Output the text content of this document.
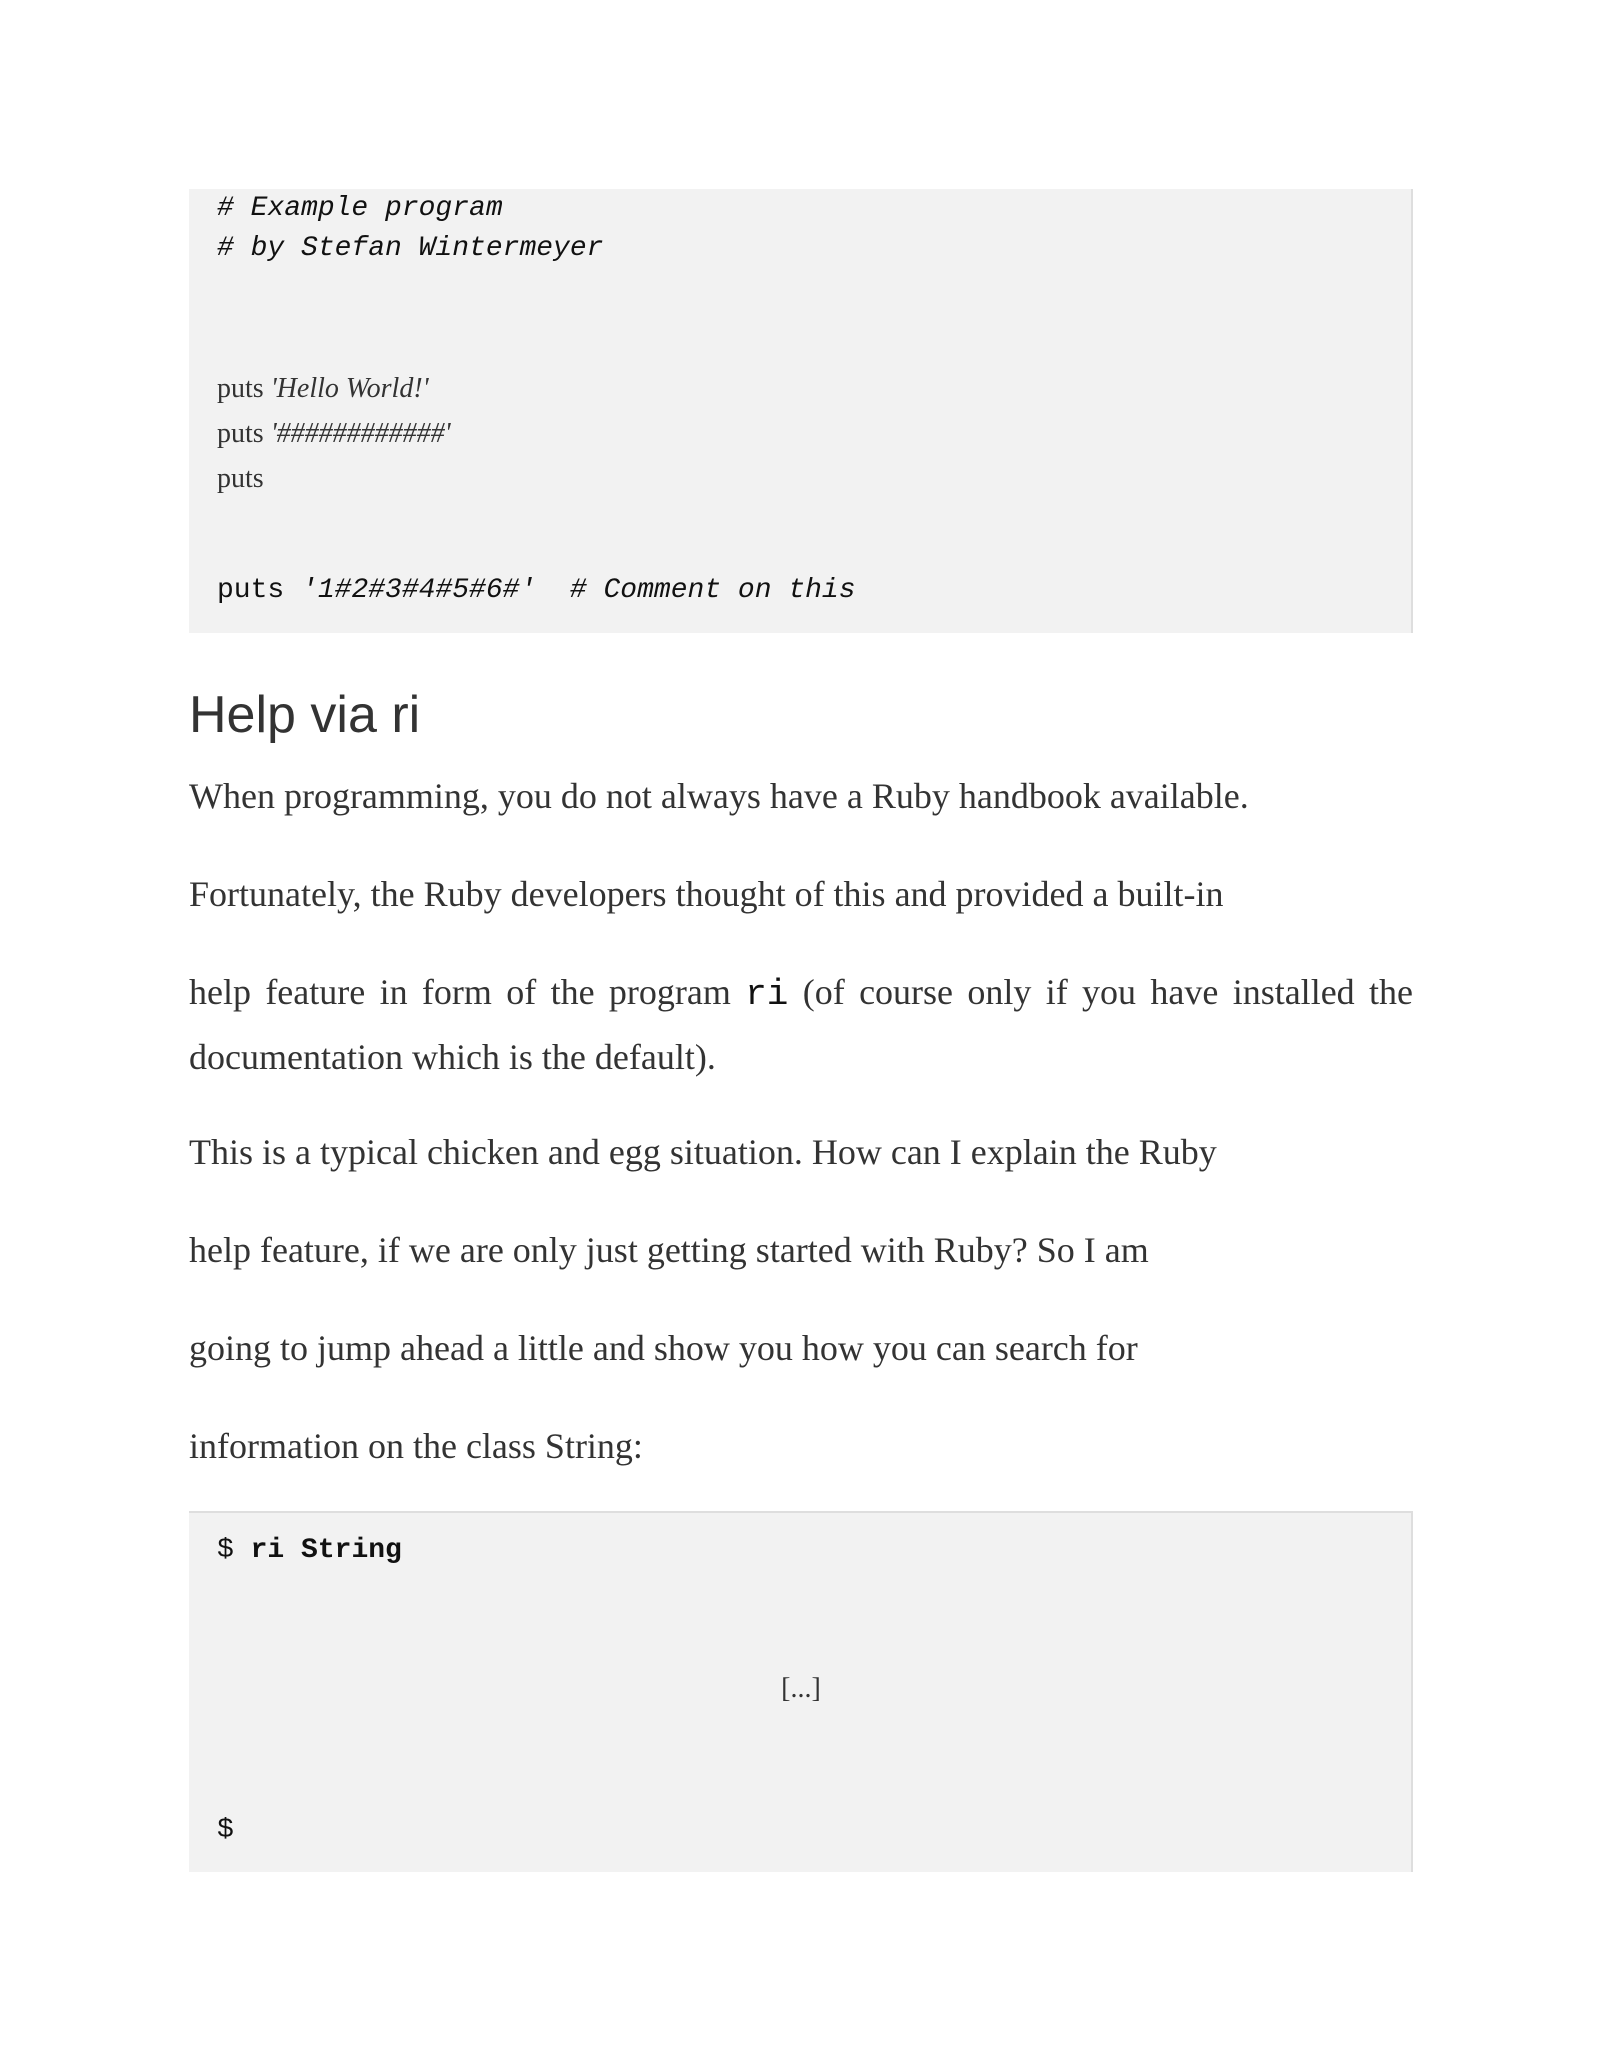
# Example program
# by Stefan Wintermeyer
puts 'Hello World!'
puts '############'
puts
puts '1#2#3#4#5#6#' # Comment on this
Help via ri

When programming, you do not always have a Ruby handbook available.

Fortunately, the Ruby developers thought of this and provided a built-in

help feature in form of the program ri (of course only if you have installed the documentation which is the default).

This is a typical chicken and egg situation. How can I explain the Ruby

help feature, if we are only just getting started with Ruby? So I am

going to jump ahead a little and show you how you can search for

information on the class String:

$ ri String
[...]
$
